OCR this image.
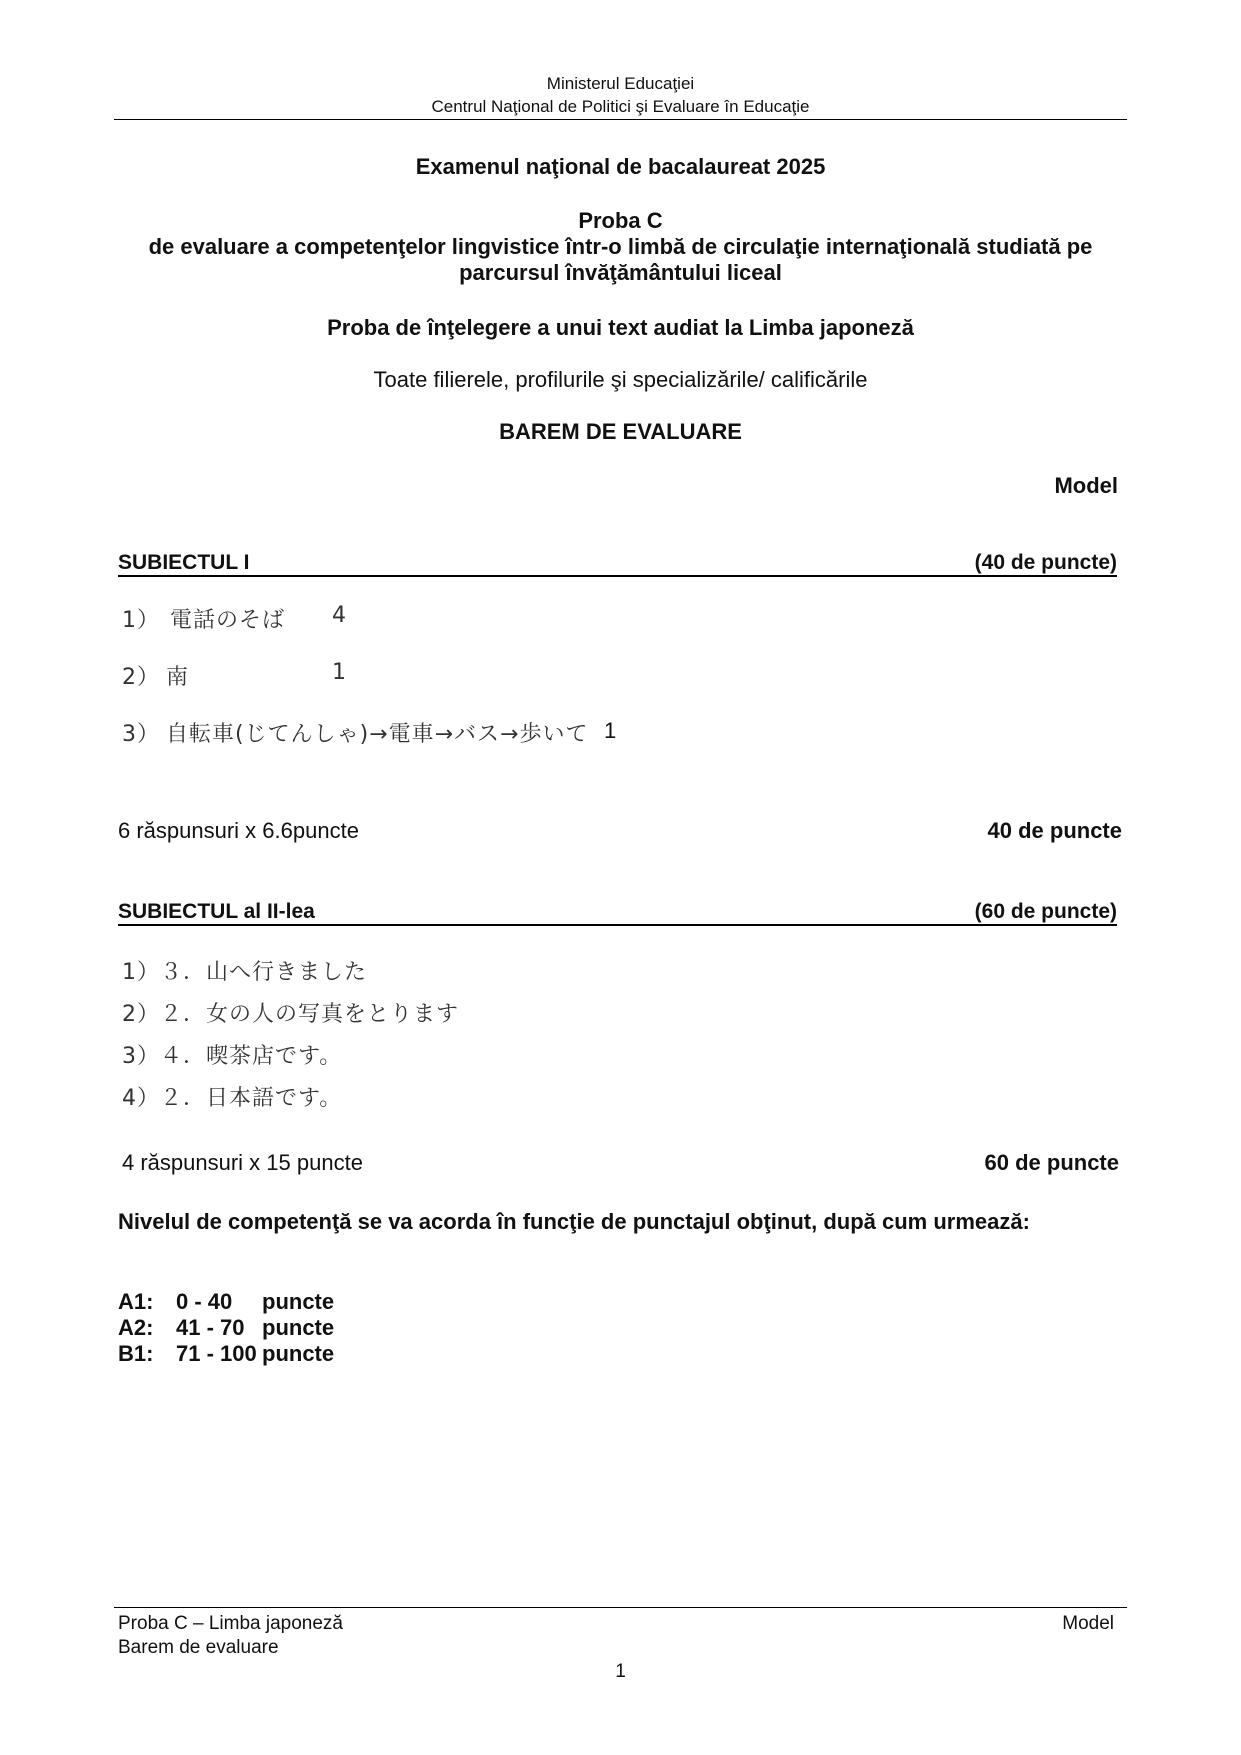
Ministerul Educaţiei
Centrul Naţional de Politici şi Evaluare în Educaţie
Examenul naţional de bacalaureat 2025
Proba C
de evaluare a competenţelor lingvistice într-o limbă de circulaţie internaţională studiată pe
parcursul învăţământului liceal
Proba de înţelegere a unui text audiat la Limba japoneză
Toate filierele, profilurile şi specializările/ calificările
BAREM DE EVALUARE
Model
SUBIECTUL I	(40 de puncte)
1） 電話のそば 4
2） 南	1
3） 自転車(じてんしゃ)→電車→バス→歩いて 1
6 răspunsuri x 6.6puncte	40 de puncte
SUBIECTUL al II-lea	(60 de puncte)
1）３．山へ行きました
2）２．女の人の写真をとります
3）４．喫茶店です。
4）２．日本語です。
4 răspunsuri x 15 puncte	60 de puncte
Nivelul de competenţă se va acorda în funcţie de punctajul obţinut, după cum urmează:
A1: 0 - 40 puncte
A2: 41 - 70 puncte
B1: 71 - 100 puncte
Proba C – Limba japoneză
Barem de evaluare
Model
1
